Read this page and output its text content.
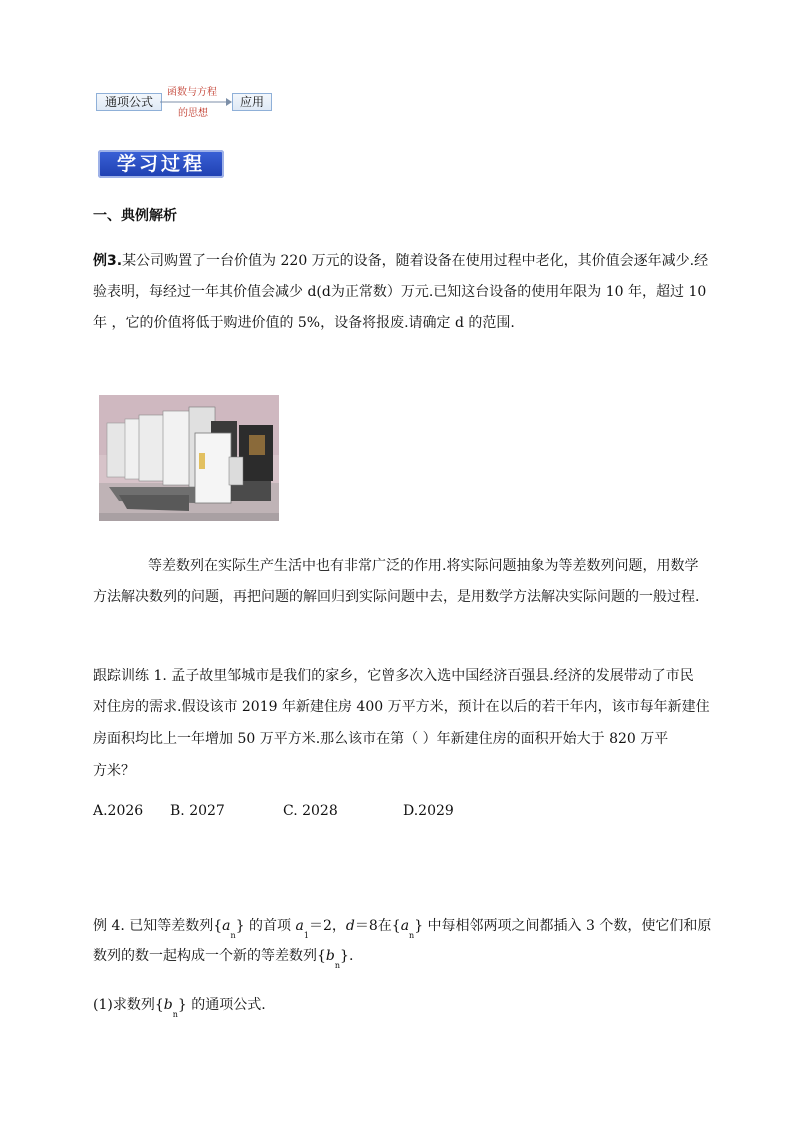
通项公式
函数与方程
的思想
应用
学习过程
一、典例解析
例3.某公司购置了一台价值为 220 万元的设备，随着设备在使用过程中老化，其价值会逐年减少.经
验表明，每经过一年其价值会减少 d(d为正常数）万元.已知这台设备的使用年限为 10 年，超过 10
年 ，它的价值将低于购进价值的 5%，设备将报废.请确定 d 的范围.
等差数列在实际生产生活中也有非常广泛的作用.将实际问题抽象为等差数列问题，用数学
方法解决数列的问题，再把问题的解回归到实际问题中去，是用数学方法解决实际问题的一般过程.
跟踪训练 1. 孟子故里邹城市是我们的家乡，它曾多次入选中国经济百强县.经济的发展带动了市民
对住房的需求.假设该市 2019 年新建住房 400 万平方米，预计在以后的若干年内，该市每年新建住
房面积均比上一年增加 50 万平方米.那么该市在第（ ）年新建住房的面积开始大于 820 万平
方米？
A.2026 B. 2027	C. 2028	D.2029
例 4. 已知等差数列$\{a_n\}$ 的首项 $a_1=2$，d＝8在$\{a_n\}$ 中每相邻两项之间都插入 3 个数，使它们和原
数列的数一起构成一个新的等差数列$\{b_n\}$.
(1)求数列$\{b_n\}$ 的通项公式.
